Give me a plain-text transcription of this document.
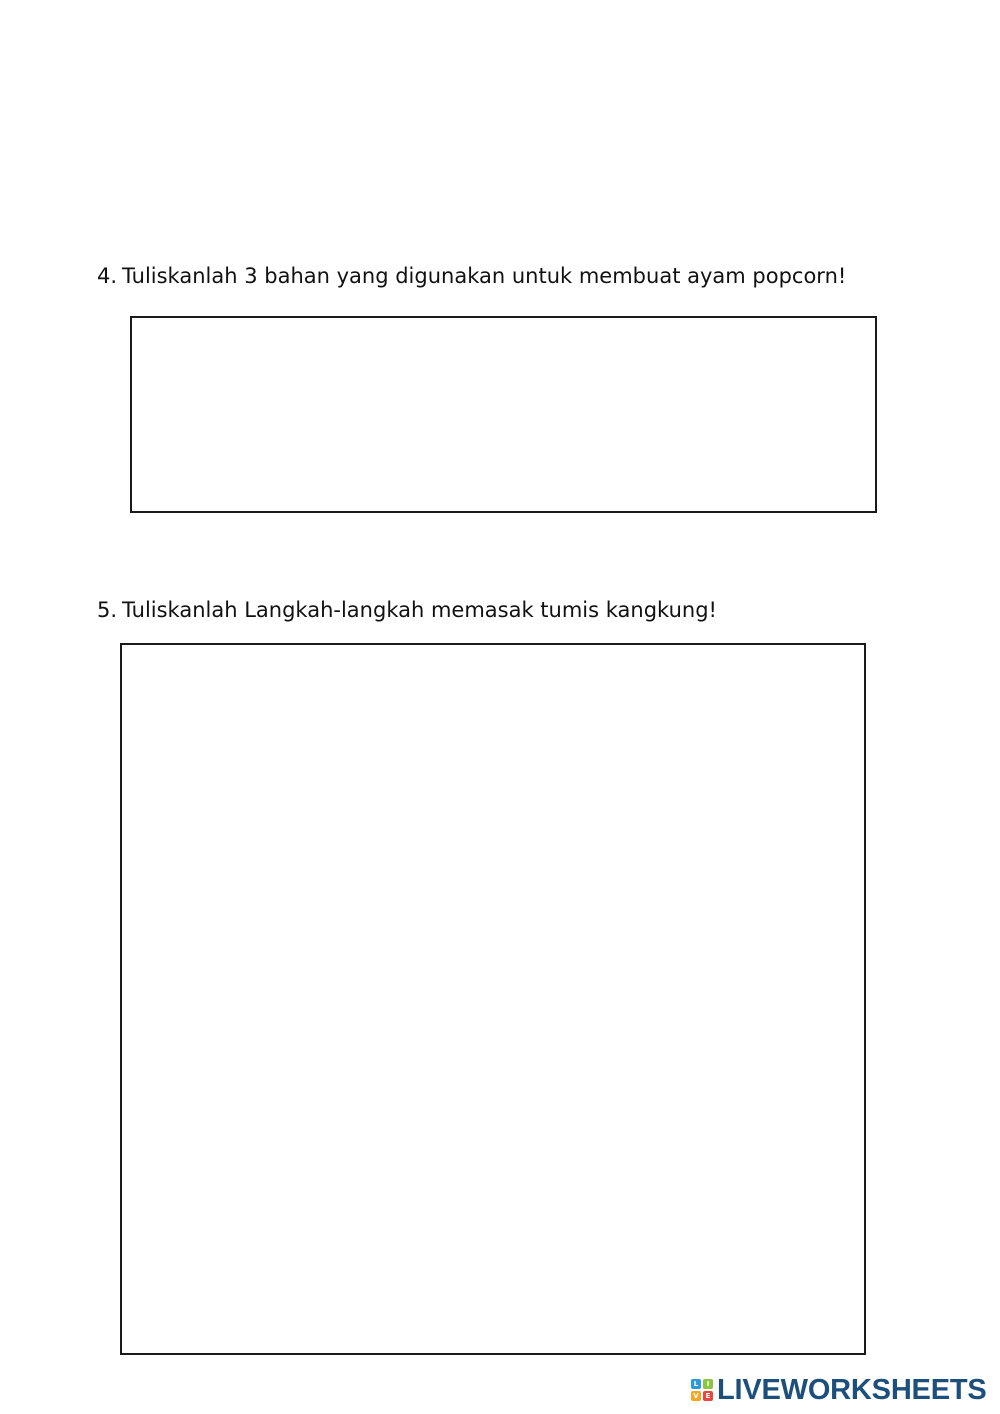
4. Tuliskanlah 3 bahan yang digunakan untuk membuat ayam popcorn!
5. Tuliskanlah Langkah-langkah memasak tumis kangkung!
L	I
V E LIVEWORKSHEETS
